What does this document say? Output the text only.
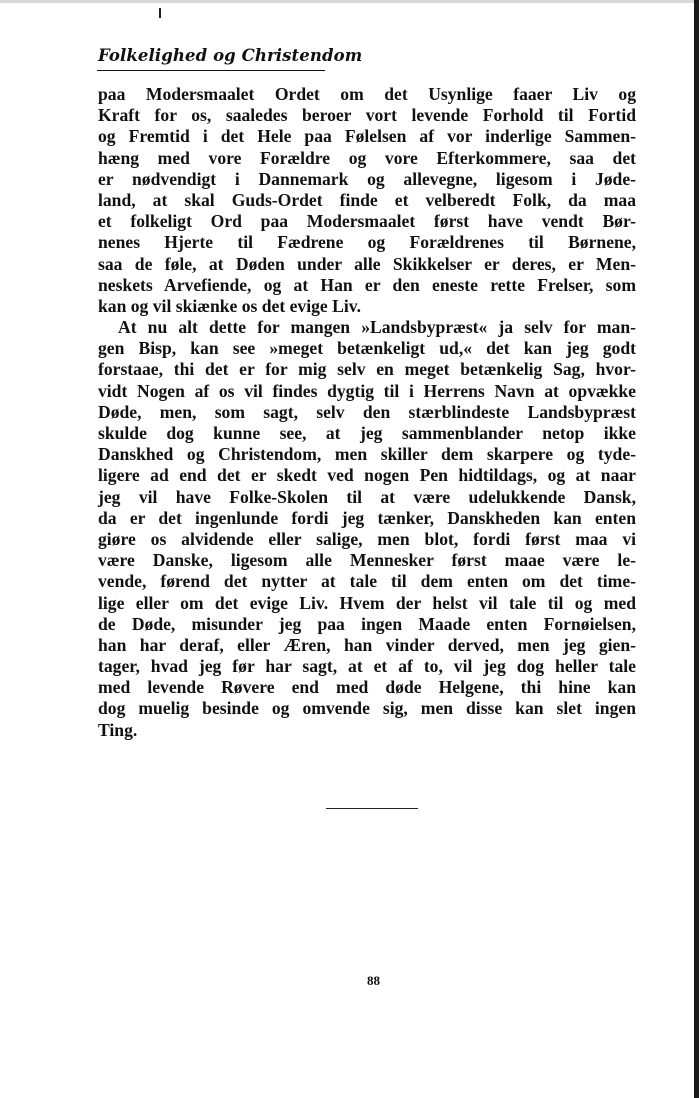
Folkelighed og Christendom
paa Modersmaalet Ordet om det Usynlige faaer Liv og
Kraft for os, saaledes beroer vort levende Forhold til Fortid
og Fremtid i det Hele paa Følelsen af vor inderlige Sammen-
hæng med vore Forældre og vore Efterkommere, saa det
er nødvendigt i Dannemark og allevegne, ligesom i Jøde-
land, at skal Guds-Ordet finde et velberedt Folk, da maa
et folkeligt Ord paa Modersmaalet først have vendt Bør-
nenes Hjerte til Fædrene og Forældrenes til Børnene,
saa de føle, at Døden under alle Skikkelser er deres, er Men-
neskets Arvefiende, og at Han er den eneste rette Frelser, som
kan og vil skiænke os det evige Liv.
At nu alt dette for mangen »Landsbypræst« ja selv for man-
gen Bisp, kan see »meget betænkeligt ud,« det kan jeg godt
forstaae, thi det er for mig selv en meget betænkelig Sag, hvor-
vidt Nogen af os vil findes dygtig til i Herrens Navn at opvække
Døde, men, som sagt, selv den stærblindeste Landsbypræst
skulde dog kunne see, at jeg sammenblander netop ikke
Danskhed og Christendom, men skiller dem skarpere og tyde-
ligere ad end det er skedt ved nogen Pen hidtildags, og at naar
jeg vil have Folke-Skolen til at være udelukkende Dansk,
da er det ingenlunde fordi jeg tænker, Danskheden kan enten
giøre os alvidende eller salige, men blot, fordi først maa vi
være Danske, ligesom alle Mennesker først maae være le-
vende, førend det nytter at tale til dem enten om det time-
lige eller om det evige Liv. Hvem der helst vil tale til og med
de Døde, misunder jeg paa ingen Maade enten Fornøielsen,
han har deraf, eller Æren, han vinder derved, men jeg gien-
tager, hvad jeg før har sagt, at et af to, vil jeg dog heller tale
med levende Røvere end med døde Helgene, thi hine kan
dog muelig besinde og omvende sig, men disse kan slet ingen
Ting.
88
